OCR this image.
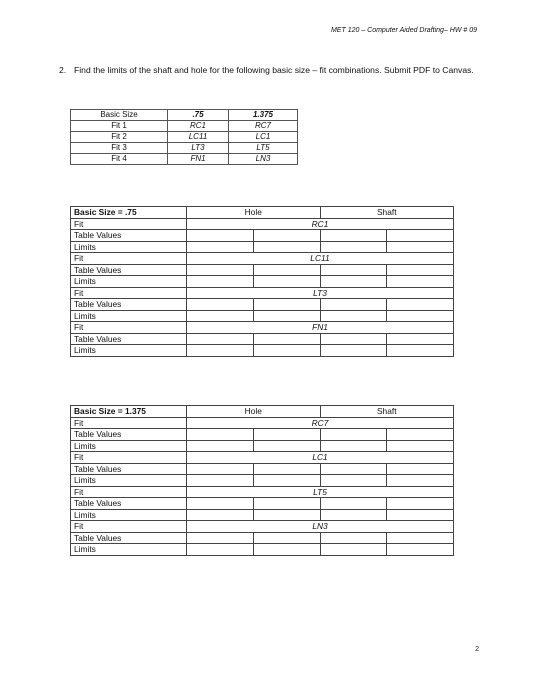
MET 120 – Computer Aided Drafting– HW # 09
2. Find the limits of the shaft and hole for the following basic size – fit combinations. Submit PDF to Canvas.
Basic Size	.75	1.375
Fit 1	RC1	RC7
Fit 2	LC11	LC1
Fit 3	LT3	LT5
Fit 4	FN1	LN3
Basic Size = .75	Hole		Shaft	
Fit	RC1			
Table Values				
Limits				
Fit	LC11			
Table Values				
Limits				
Fit	LT3			
Table Values				
Limits				
Fit	FN1			
Table Values				
Limits				
Basic Size = 1.375	Hole		Shaft	
Fit	RC7			
Table Values				
Limits				
Fit	LC1			
Table Values				
Limits				
Fit	LT5			
Table Values				
Limits				
Fit	LN3			
Table Values				
Limits				
2
